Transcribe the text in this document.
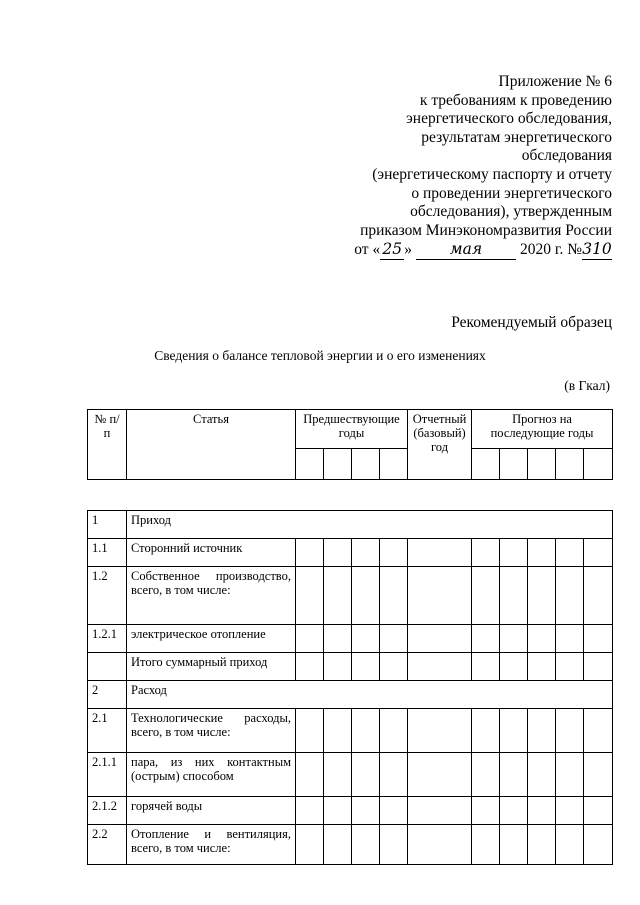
Приложение № 6
к требованиям к проведению
энергетического обследования,
результатам энергетического
обследования
(энергетическому паспорту и отчету
о проведении энергетического
обследования), утвержденным
приказом Минэкономразвития России
от « 25 » мая 2020 г. №310
Рекомендуемый образец
Сведения о балансе тепловой энергии и о его изменениях
(в Гкал)
№ п/п	Статья	Предшествующие годы				Отчетный (базовый) год	Прогноз на последующие годы				

1	Приход										
1.1	Сторонний источник										
1.2	Собственное производство, всего, в том числе:										
1.2.1	электрическое отопление										
	Итого суммарный приход										
2	Расход										
2.1	Технологические расходы, всего, в том числе:										
2.1.1	пара, из них контактным (острым) способом										
2.1.2	горячей воды										
2.2	Отопление и вентиляция, всего, в том числе:										
